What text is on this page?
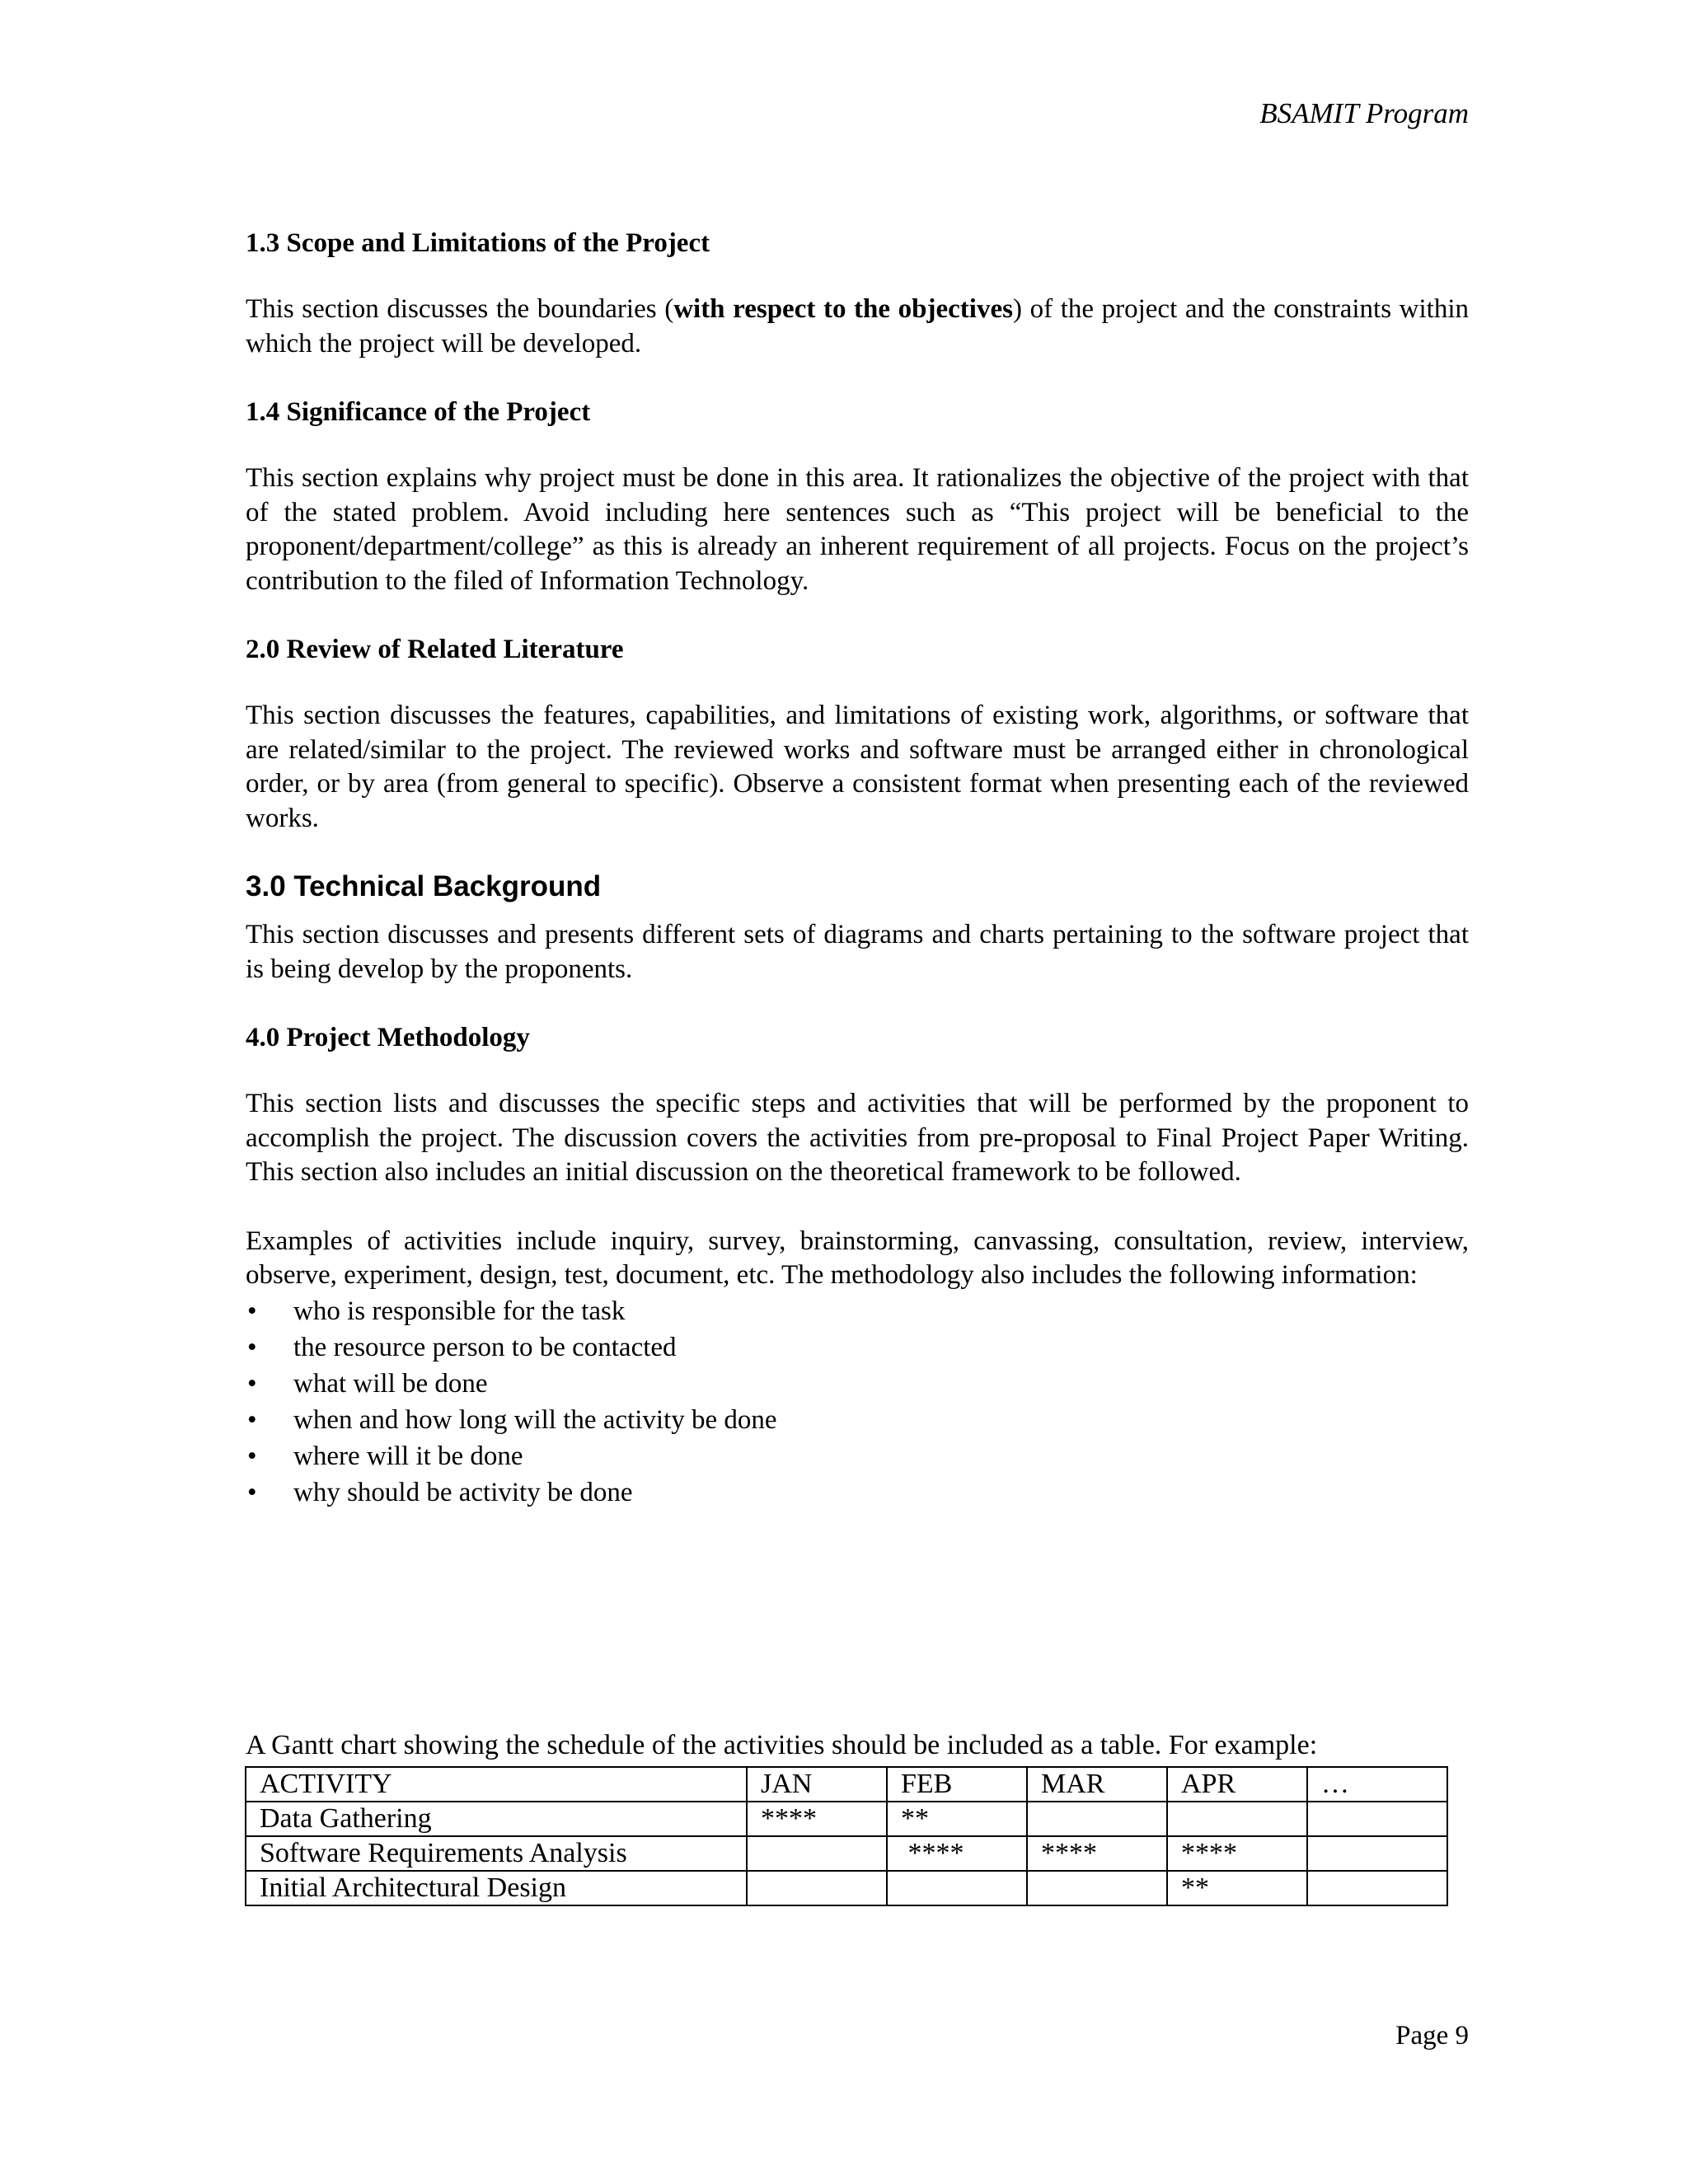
BSAMIT Program
1.3 Scope and Limitations of the Project

This section discusses the boundaries (with respect to the objectives) of the project and the constraints within which the project will be developed.

1.4 Significance of the Project

This section explains why project must be done in this area. It rationalizes the objective of the project with that of the stated problem. Avoid including here sentences such as “This project will be beneficial to the proponent/department/college” as this is already an inherent requirement of all projects. Focus on the project’s contribution to the filed of Information Technology.

2.0 Review of Related Literature

This section discusses the features, capabilities, and limitations of existing work, algorithms, or software that are related/similar to the project. The reviewed works and software must be arranged either in chronological order, or by area (from general to specific). Observe a consistent format when presenting each of the reviewed works.

3.0 Technical Background

This section discusses and presents different sets of diagrams and charts pertaining to the software project that is being develop by the proponents.

4.0 Project Methodology

This section lists and discusses the specific steps and activities that will be performed by the proponent to accomplish the project. The discussion covers the activities from pre-proposal to Final Project Paper Writing. This section also includes an initial discussion on the theoretical framework to be followed.

Examples of activities include inquiry, survey, brainstorming, canvassing, consultation, review, interview, observe, experiment, design, test, document, etc. The methodology also includes the following information:

• who is responsible for the task
• the resource person to be contacted
• what will be done
• when and how long will the activity be done
• where will it be done
• why should be activity be done
A Gantt chart showing the schedule of the activities should be included as a table. For example:
ACTIVITY	JAN	FEB	MAR	APR	…
Data Gathering	****	**			
Software Requirements Analysis		****	****	****	
Initial Architectural Design				**	
Page 9
